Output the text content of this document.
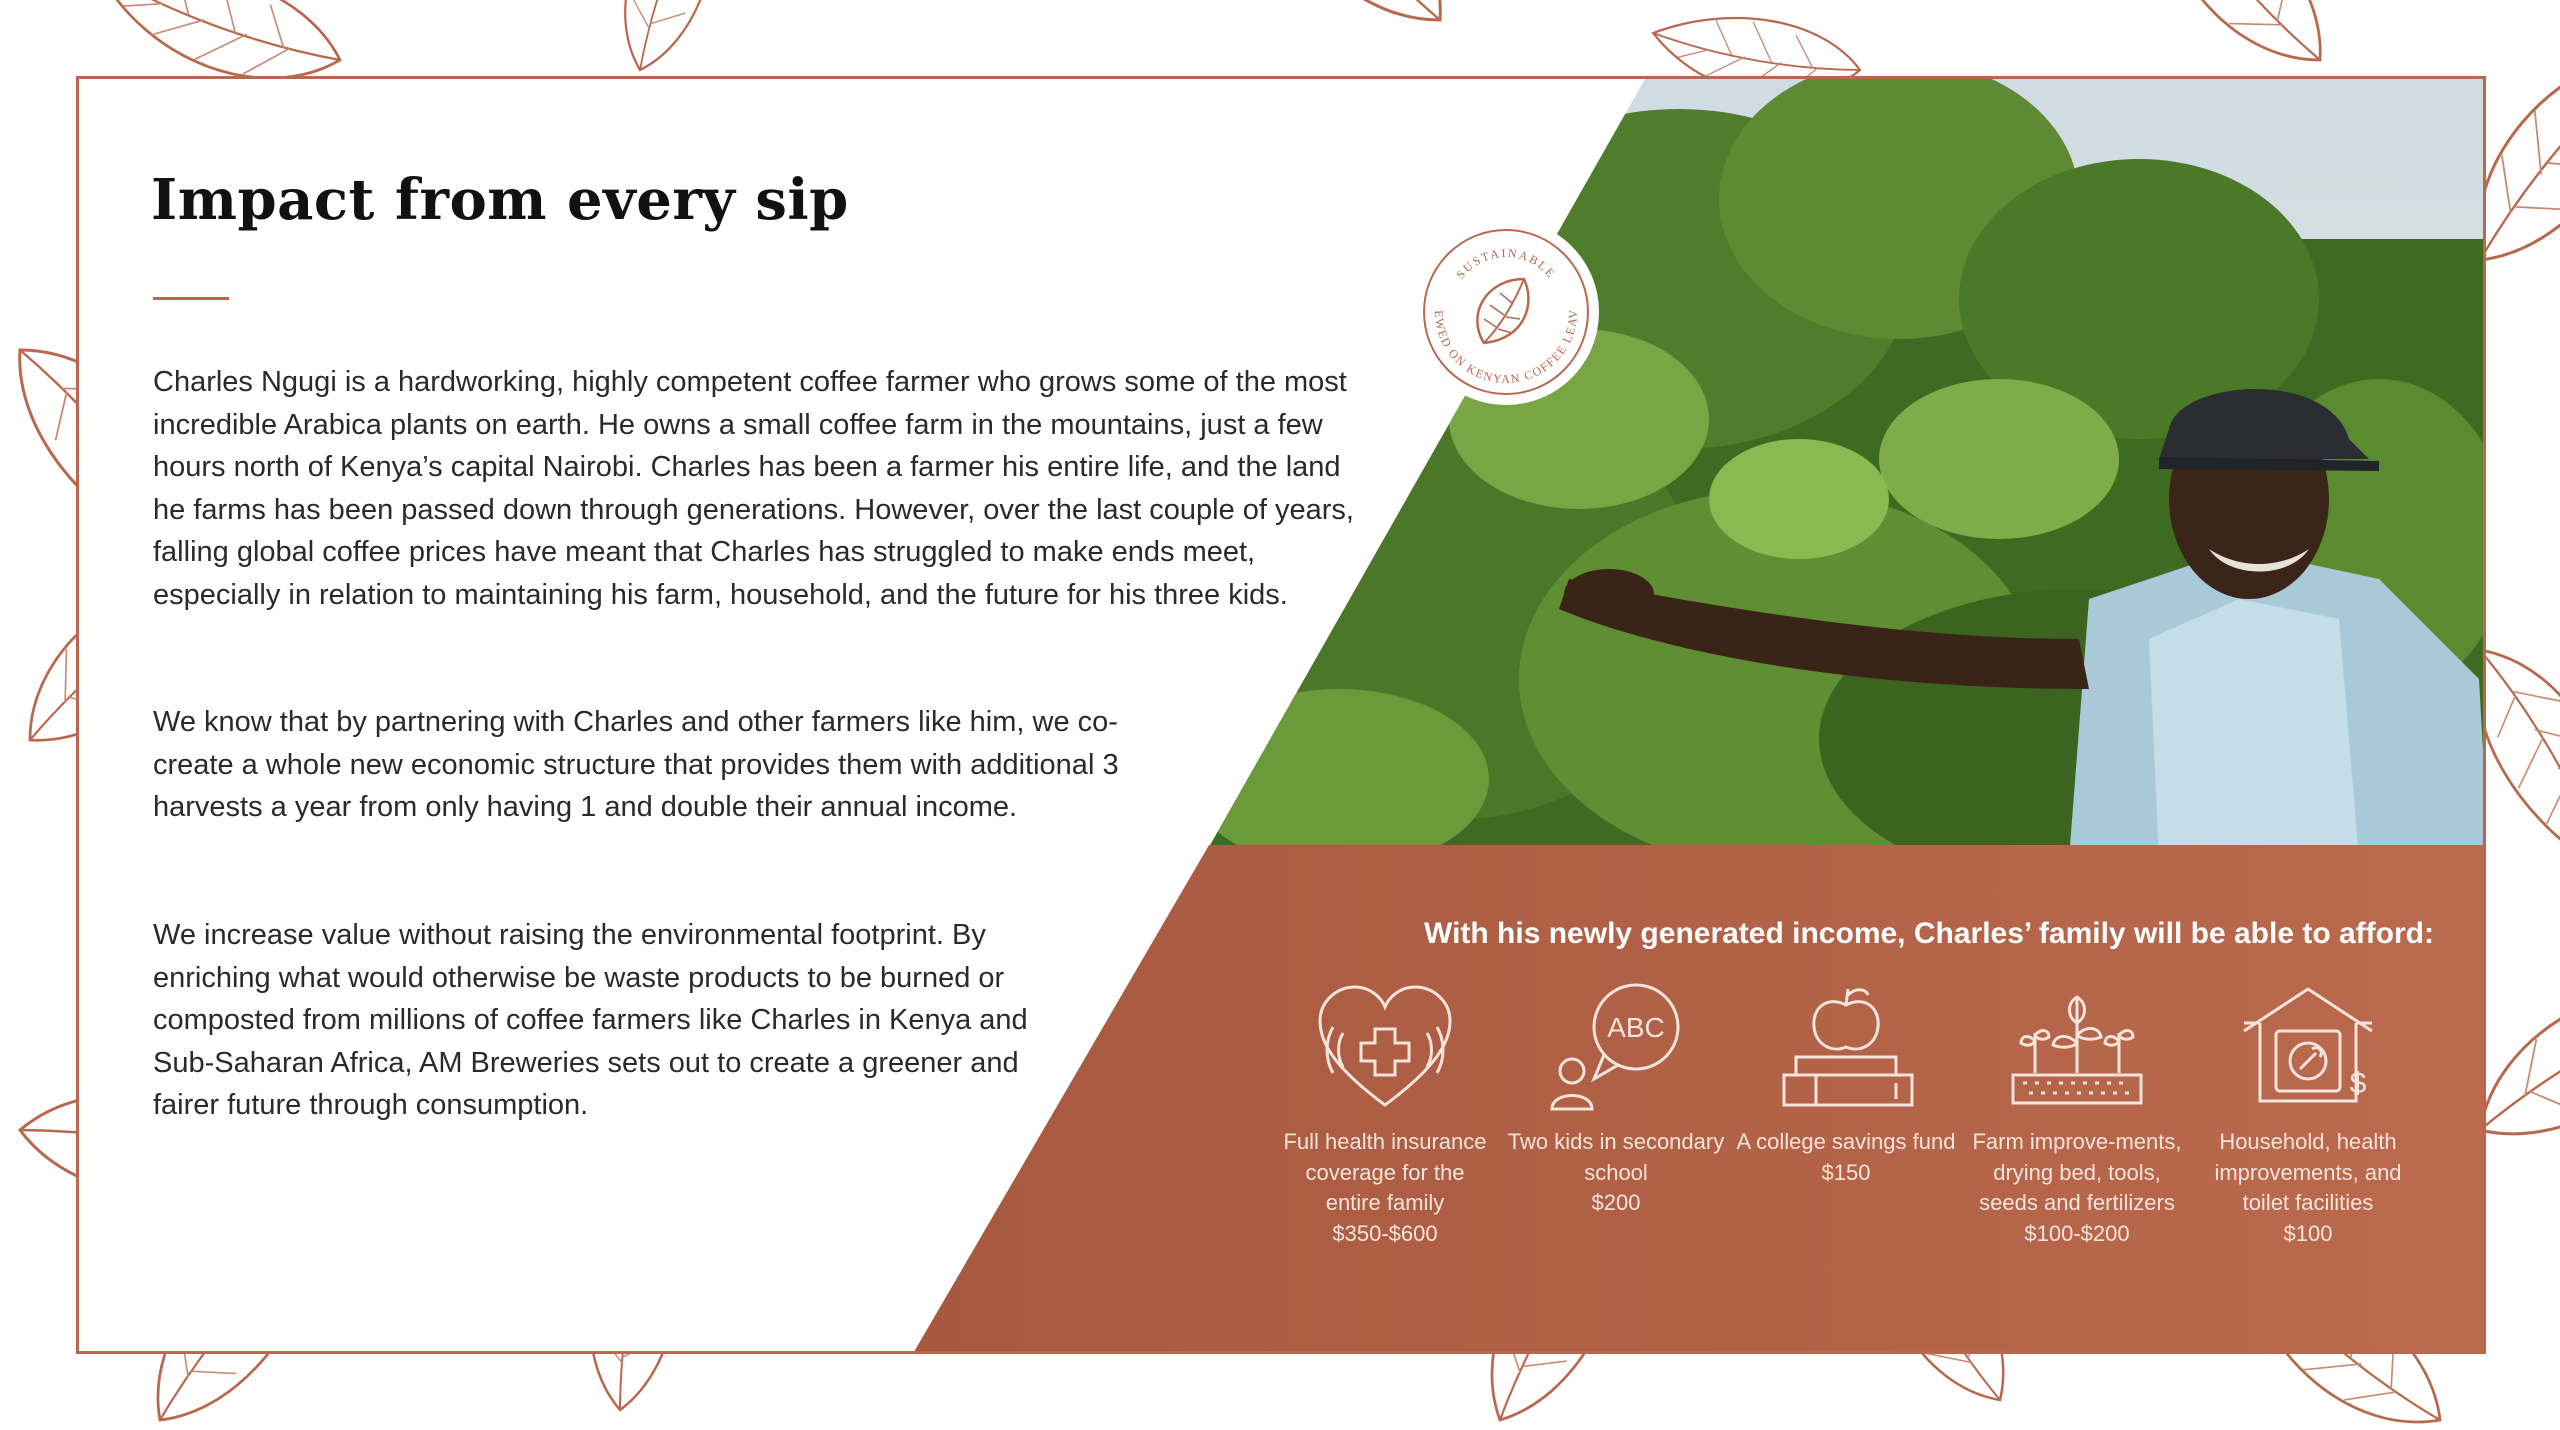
Impact from every sip

Charles Ngugi is a hardworking, highly competent coffee farmer who grows some of the most incredible Arabica plants on earth. He owns a small coffee farm in the mountains, just a few hours north of Kenya’s capital Nairobi. Charles has been a farmer his entire life, and the land he farms has been passed down through generations. However, over the last couple of years, falling global coffee prices have meant that Charles has struggled to make ends meet, especially in relation to maintaining his farm, household, and the future for his three kids.

We know that by partnering with Charles and other farmers like him, we co-create a whole new economic structure that provides them with additional 3 harvests a year from only having 1 and double their annual income.

We increase value without raising the environmental footprint. By enriching what would otherwise be waste products to be burned or composted from millions of coffee farmers like Charles in Kenya and Sub-Saharan Africa, AM Breweries sets out to create a greener and fairer future through consumption.

SUSTAINABLE
EWED ON KENYAN COFFEE LEAV

With his newly generated income, Charles’ family will be able to afford:

Full health insurance coverage for the entire family
$350-$600
ABC
Two kids in secondary school
$200
A college savings fund
$150
Farm improve-ments, drying bed, tools, seeds and fertilizers
$100-$200
$
Household, health improvements, and toilet facilities
$100
